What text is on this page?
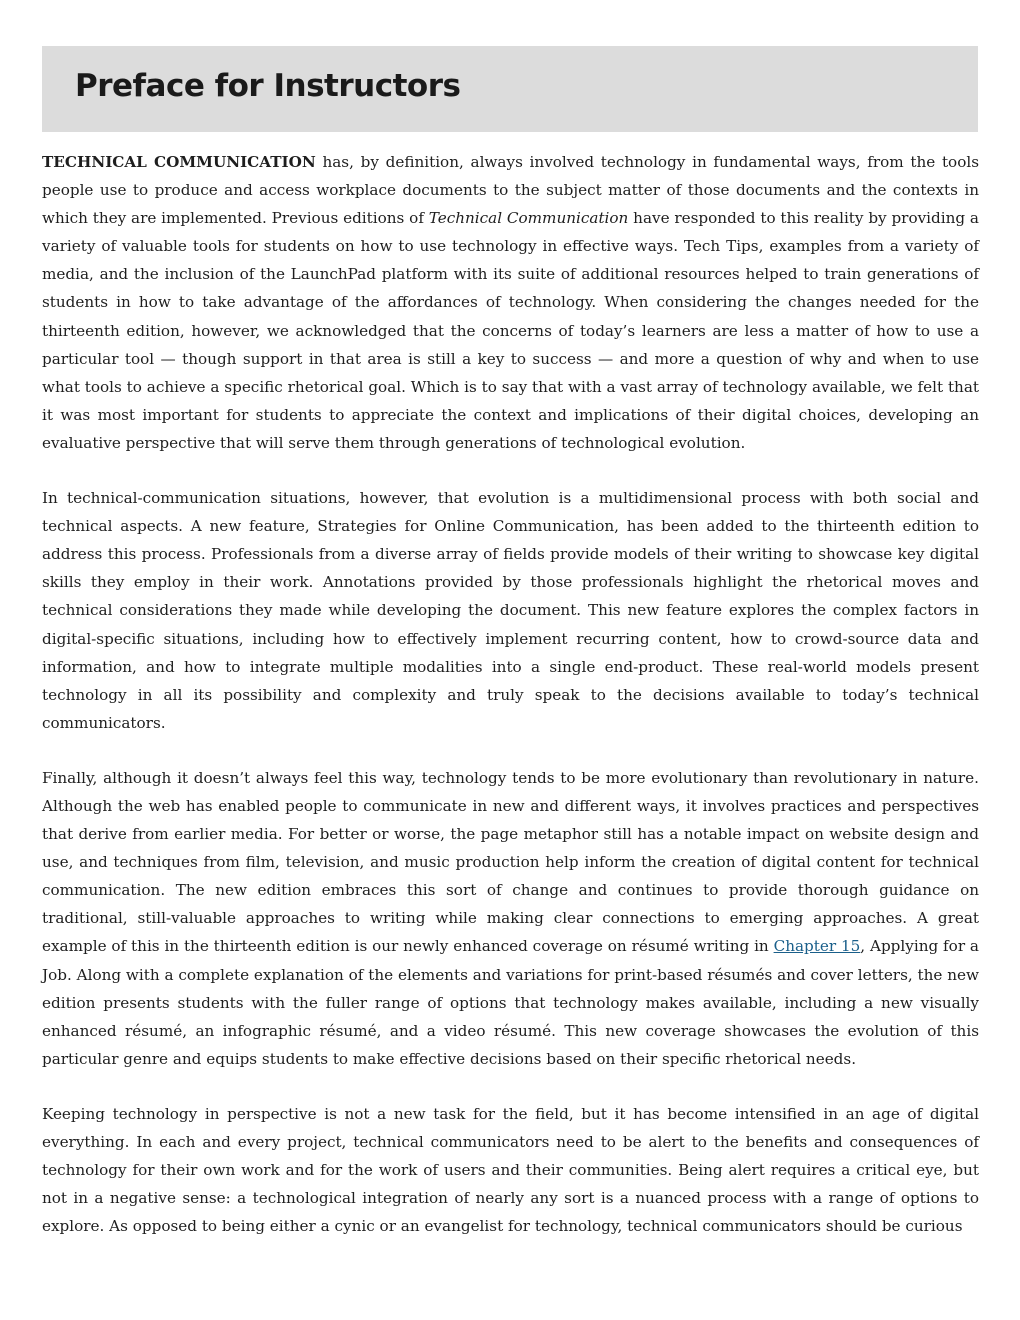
Preface for Instructors

TECHNICAL COMMUNICATION has, by definition, always involved technology in fundamental ways, from the tools people use to produce and access workplace documents to the subject matter of those documents and the contexts in which they are implemented. Previous editions of Technical Communication have responded to this reality by providing a variety of valuable tools for students on how to use technology in effective ways. Tech Tips, examples from a variety of media, and the inclusion of the LaunchPad platform with its suite of additional resources helped to train generations of students in how to take advantage of the affordances of technology. When considering the changes needed for the thirteenth edition, however, we acknowledged that the concerns of today’s learners are less a matter of how to use a particular tool — though support in that area is still a key to success — and more a question of why and when to use what tools to achieve a specific rhetorical goal. Which is to say that with a vast array of technology available, we felt that it was most important for students to appreciate the context and implications of their digital choices, developing an evaluative perspective that will serve them through generations of technological evolution.

In technical-communication situations, however, that evolution is a multidimensional process with both social and technical aspects. A new feature, Strategies for Online Communication, has been added to the thirteenth edition to address this process. Professionals from a diverse array of fields provide models of their writing to showcase key digital skills they employ in their work. Annotations provided by those professionals highlight the rhetorical moves and technical considerations they made while developing the document. This new feature explores the complex factors in digital-specific situations, including how to effectively implement recurring content, how to crowd-source data and information, and how to integrate multiple modalities into a single end-product. These real-world models present technology in all its possibility and complexity and truly speak to the decisions available to today’s technical communicators.

Finally, although it doesn’t always feel this way, technology tends to be more evolutionary than revolutionary in nature. Although the web has enabled people to communicate in new and different ways, it involves practices and perspectives that derive from earlier media. For better or worse, the page metaphor still has a notable impact on website design and use, and techniques from film, television, and music production help inform the creation of digital content for technical communication. The new edition embraces this sort of change and continues to provide thorough guidance on traditional, still-valuable approaches to writing while making clear connections to emerging approaches. A great example of this in the thirteenth edition is our newly enhanced coverage on résumé writing in Chapter 15, Applying for a Job. Along with a complete explanation of the elements and variations for print-based résumés and cover letters, the new edition presents students with the fuller range of options that technology makes available, including a new visually enhanced résumé, an infographic résumé, and a video résumé. This new coverage showcases the evolution of this particular genre and equips students to make effective decisions based on their specific rhetorical needs.

Keeping technology in perspective is not a new task for the field, but it has become intensified in an age of digital everything. In each and every project, technical communicators need to be alert to the benefits and consequences of technology for their own work and for the work of users and their communities. Being alert requires a critical eye, but not in a negative sense: a technological integration of nearly any sort is a nuanced process with a range of options to explore. As opposed to being either a cynic or an evangelist for technology, technical communicators should be curious
